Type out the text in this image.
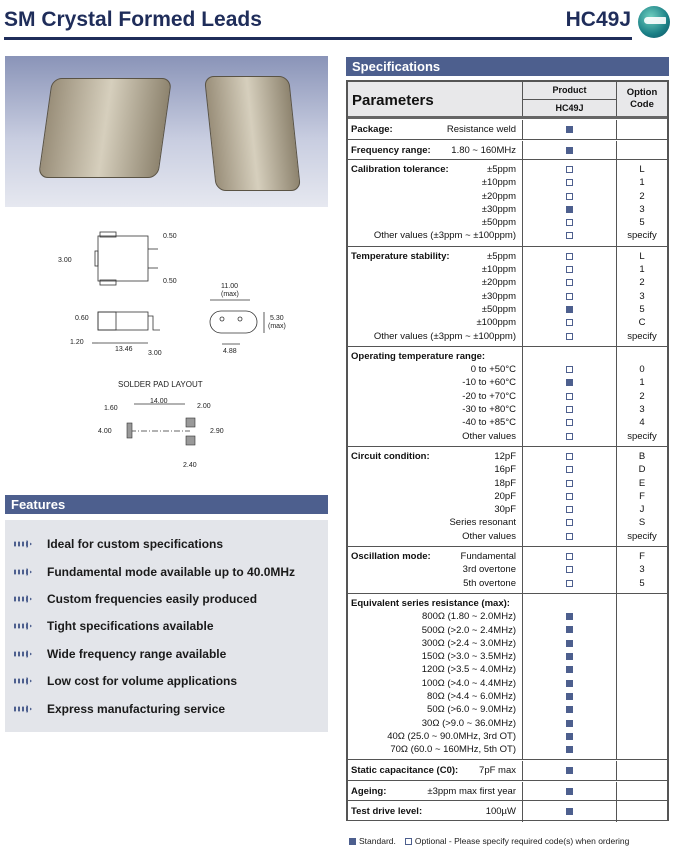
SM Crystal Formed Leads	HC49J
3.00
0.50
0.50
0.60
1.20
13.46
3.00
11.00
(max)
5.30
(max)
4.88
SOLDER PAD LAYOUT
1.60
14.00
2.00
4.00	2.90
2.40
Features
Ideal for custom specifications
Fundamental mode available up to 40.0MHz
Custom frequencies easily produced
Tight specifications available
Wide frequency range available
Low cost for volume applications
Express manufacturing service
Specifications
Parameters
Product
HC49J
Option Code
Package:	Resistance weld
Frequency range: 1.80 ~ 160MHz
Calibration tolerance:	±5ppm	L
±10ppm	1
±20ppm	2
±30ppm	3
±50ppm	5
Other values (±3ppm ~ ±100ppm)	specify
Temperature stability:	±5ppm	L
±10ppm	1
±20ppm	2
±30ppm	3
±50ppm	5
±100ppm	C
Other values (±3ppm ~ ±100ppm)	specify
Operating temperature range:
0 to +50°C	0
-10 to +60°C	1
-20 to +70°C	2
-30 to +80°C	3
-40 to +85°C	4
Other values	specify
Circuit condition:	12pF	B
16pF	D
18pF	E
20pF	F
30pF	J
Series resonant	S
Other values	specify
Oscillation mode:	Fundamental	F
3rd overtone	3
5th overtone	5
Equivalent series resistance (max):
800Ω (1.80 ~ 2.0MHz)
500Ω (>2.0 ~ 2.4MHz)
300Ω (>2.4 ~ 3.0MHz)
150Ω (>3.0 ~ 3.5MHz)
120Ω (>3.5 ~ 4.0MHz)
100Ω (>4.0 ~ 4.4MHz)
80Ω (>4.4 ~ 6.0MHz)
50Ω (>6.0 ~ 9.0MHz)
30Ω (>9.0 ~ 36.0MHz)
40Ω (25.0 ~ 90.0MHz, 3rd OT)
70Ω (60.0 ~ 160MHz, 5th OT)
Static capacitance (C0): 7pF max
Ageing:	±3ppm max first year
Test drive level:	100µW
Standard. Optional - Please specify required code(s) when ordering
